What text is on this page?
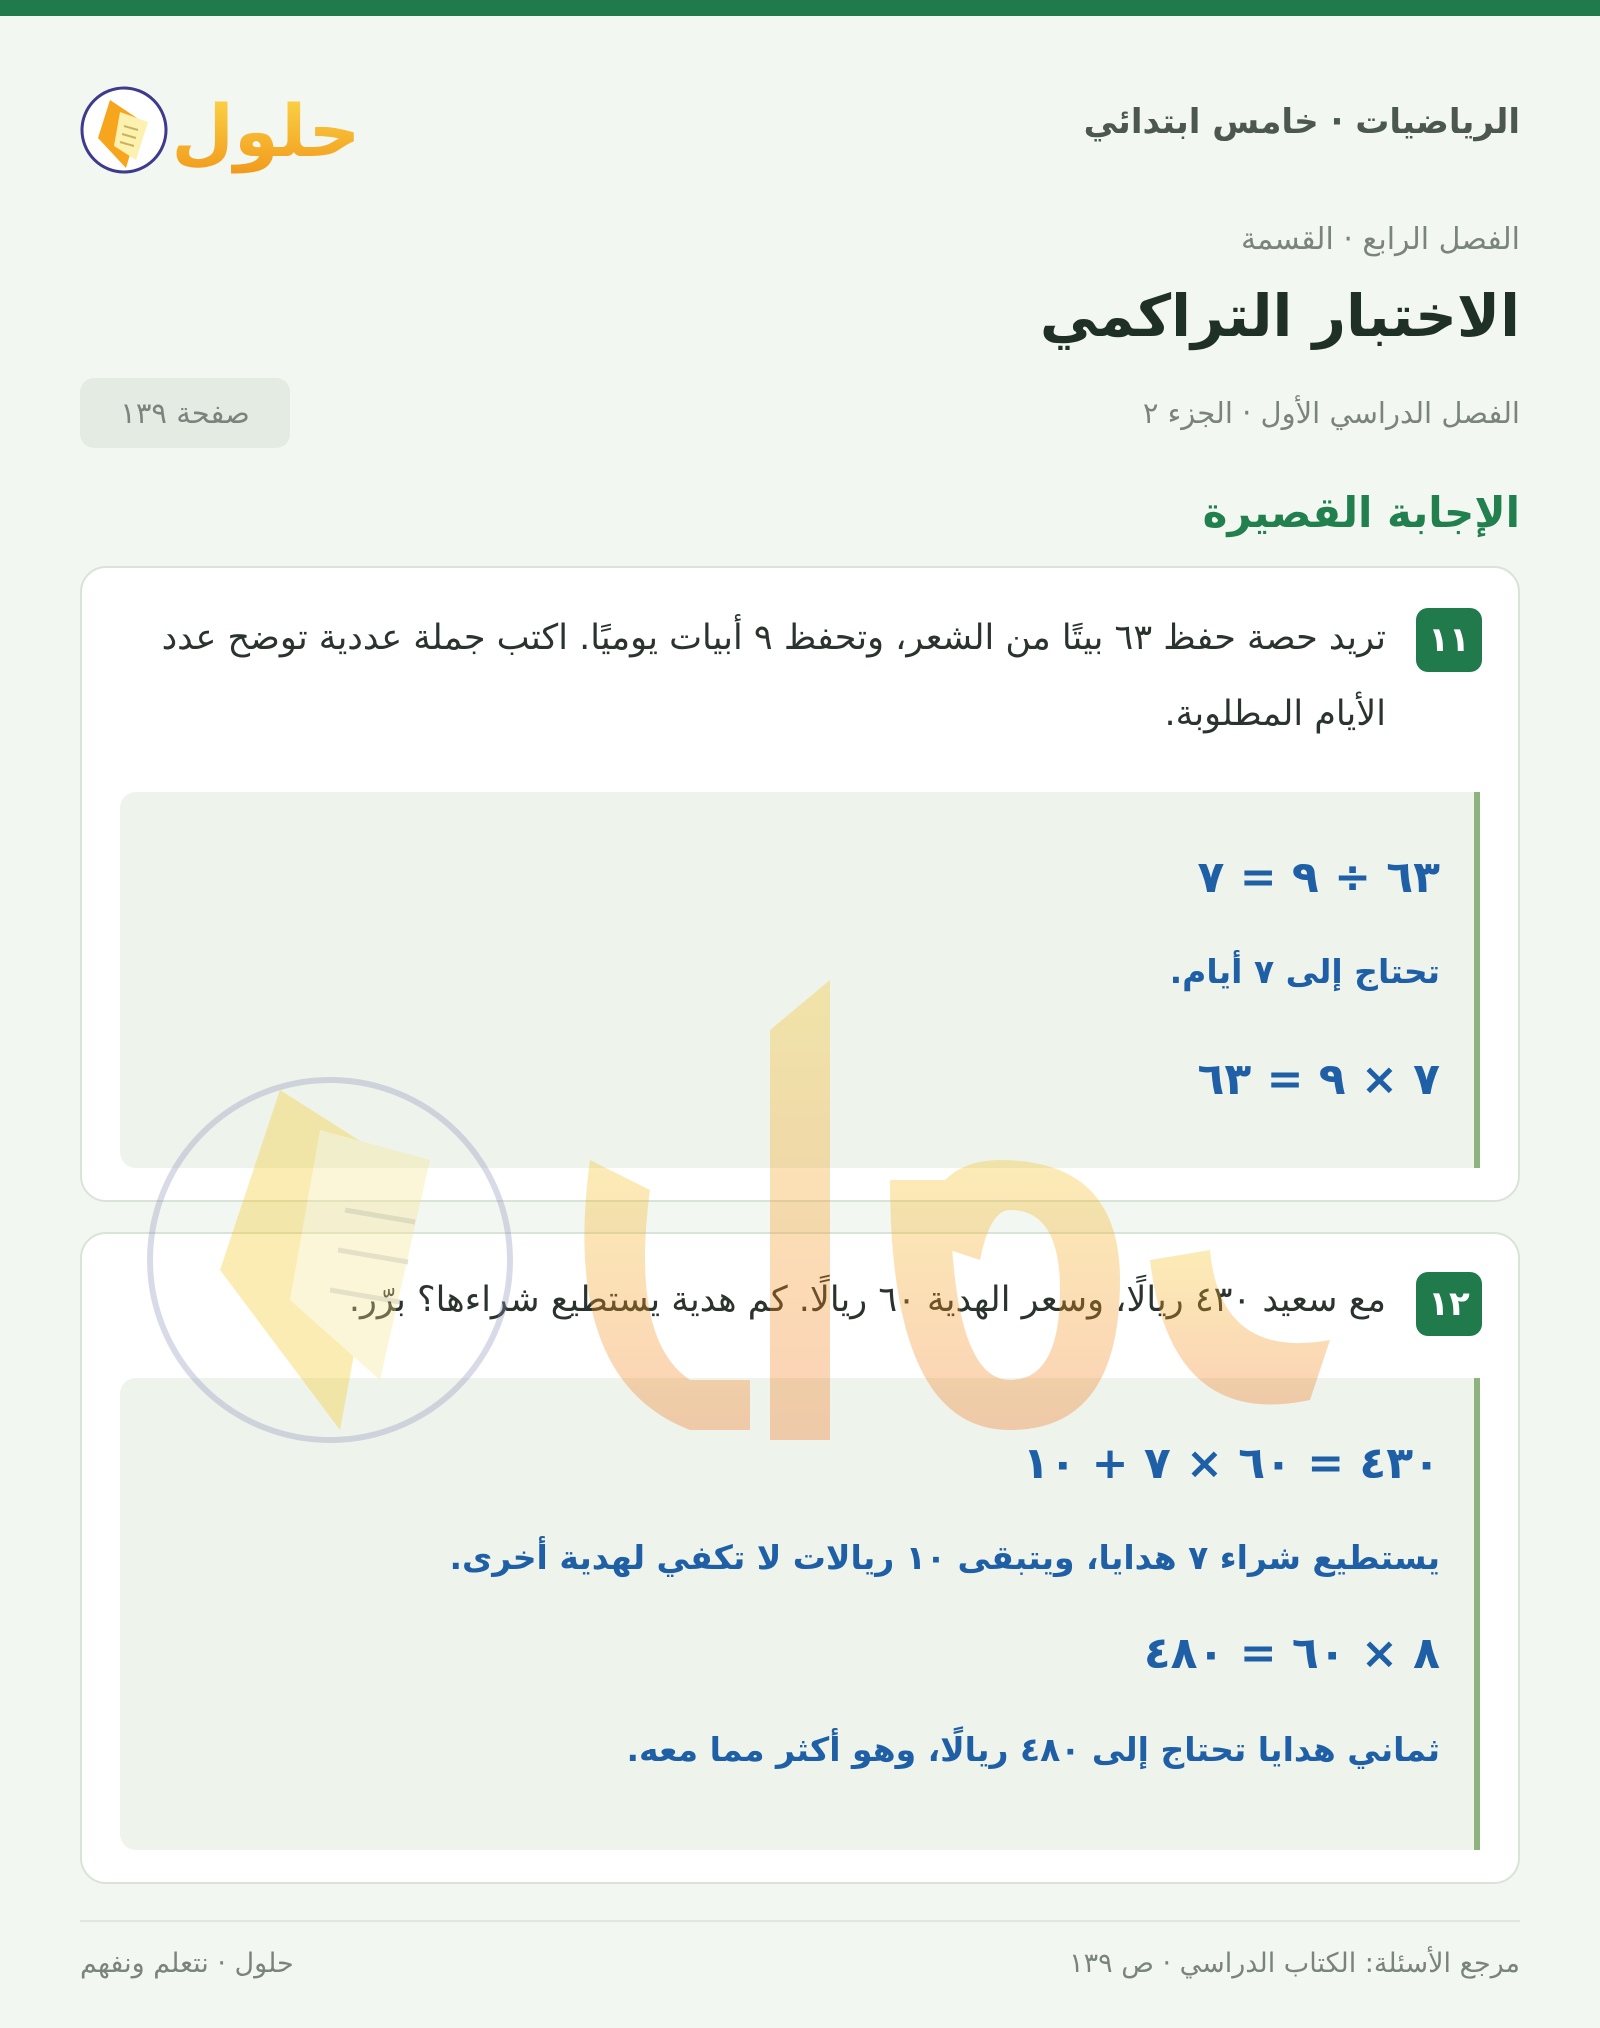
الرياضيات · خامس ابتدائي
حلول
الفصل الرابع · القسمة
الاختبار التراكمي
الفصل الدراسي الأول · الجزء ٢
صفحة ١٣٩
الإجابة القصيرة
١١
تريد حصة حفظ ٦٣ بيتًا من الشعر، وتحفظ ٩ أبيات يوميًا. اكتب جملة عددية توضح عدد الأيام المطلوبة.
٦٣ ÷ ٩ = ٧
تحتاج إلى ٧ أيام.
٧ × ٩ = ٦٣
١٢
مع سعيد ٤٣٠ ريالًا، وسعر الهدية ٦٠ ريالًا. كم هدية يستطيع شراءها؟ برّر.
٤٣٠ = ٦٠ × ٧ + ١٠
يستطيع شراء ٧ هدايا، ويتبقى ١٠ ريالات لا تكفي لهدية أخرى.
٨ × ٦٠ = ٤٨٠
ثماني هدايا تحتاج إلى ٤٨٠ ريالًا، وهو أكثر مما معه.
مرجع الأسئلة: الكتاب الدراسي · ص ١٣٩
حلول · نتعلم ونفهم
